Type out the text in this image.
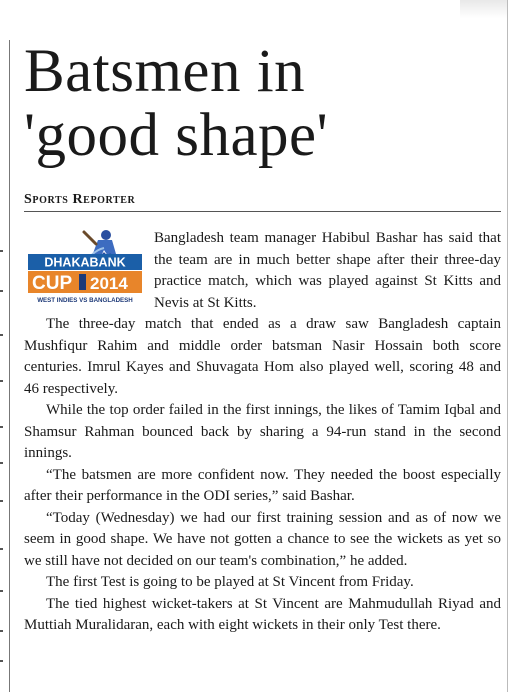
Batsmen in
'good shape'
Sports Reporter
DHAKABANK
CUP 2014
WEST INDIES VS BANGLADESH

Bangladesh team manager Habibul Bashar has said that the team are in much better shape after their three-day practice match, which was played against St Kitts and Nevis at St Kitts.

The three-day match that ended as a draw saw Bangladesh captain Mushfiqur Rahim and middle order batsman Nasir Hossain both score centuries. Imrul Kayes and Shuvagata Hom also played well, scoring 48 and 46 respectively.

While the top order failed in the first innings, the likes of Tamim Iqbal and Shamsur Rahman bounced back by sharing a 94-run stand in the second innings.

“The batsmen are more confident now. They needed the boost especially after their performance in the ODI series,” said Bashar.

“Today (Wednesday) we had our first training session and as of now we seem in good shape. We have not gotten a chance to see the wickets as yet so we still have not decided on our team's combination,” he added.

The first Test is going to be played at St Vincent from Friday.

The tied highest wicket-takers at St Vincent are Mahmudullah Riyad and Muttiah Muralidaran, each with eight wickets in their only Test there.
